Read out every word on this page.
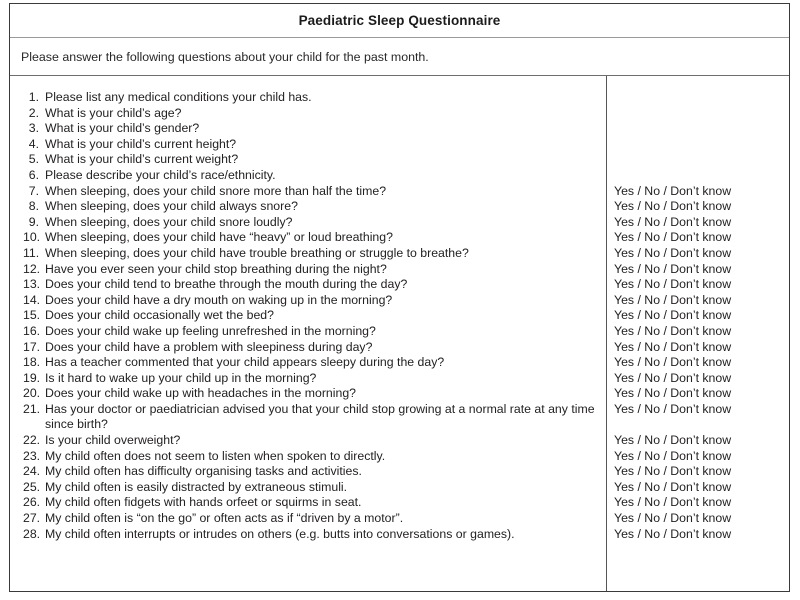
Paediatric Sleep Questionnaire
Please answer the following questions about your child for the past month.
1. Please list any medical conditions your child has.
2. What is your child’s age?
3. What is your child’s gender?
4. What is your child’s current height?
5. What is your child’s current weight?
6. Please describe your child’s race/ethnicity.
7. When sleeping, does your child snore more than half the time?
8. When sleeping, does your child always snore?
9. When sleeping, does your child snore loudly?
10. When sleeping, does your child have “heavy” or loud breathing?
11. When sleeping, does your child have trouble breathing or struggle to breathe?
12. Have you ever seen your child stop breathing during the night?
13. Does your child tend to breathe through the mouth during the day?
14. Does your child have a dry mouth on waking up in the morning?
15. Does your child occasionally wet the bed?
16. Does your child wake up feeling unrefreshed in the morning?
17. Does your child have a problem with sleepiness during day?
18. Has a teacher commented that your child appears sleepy during the day?
19. Is it hard to wake up your child up in the morning?
20. Does your child wake up with headaches in the morning?
21. Has your doctor or paediatrician advised you that your child stop growing at a normal rate at any time since birth?
22. Is your child overweight?
23. My child often does not seem to listen when spoken to directly.
24. My child often has difficulty organising tasks and activities.
25. My child often is easily distracted by extraneous stimuli.
26. My child often fidgets with hands orfeet or squirms in seat.
27. My child often is “on the go” or often acts as if “driven by a motor”.
28. My child often interrupts or intrudes on others (e.g. butts into conversations or games).

Yes / No / Don’t know
Yes / No / Don’t know
Yes / No / Don’t know
Yes / No / Don’t know
Yes / No / Don’t know
Yes / No / Don’t know
Yes / No / Don’t know
Yes / No / Don’t know
Yes / No / Don’t know
Yes / No / Don’t know
Yes / No / Don’t know
Yes / No / Don’t know
Yes / No / Don’t know
Yes / No / Don’t know
Yes / No / Don’t know
Yes / No / Don’t know
Yes / No / Don’t know
Yes / No / Don’t know
Yes / No / Don’t know
Yes / No / Don’t know
Yes / No / Don’t know
Yes / No / Don’t know
